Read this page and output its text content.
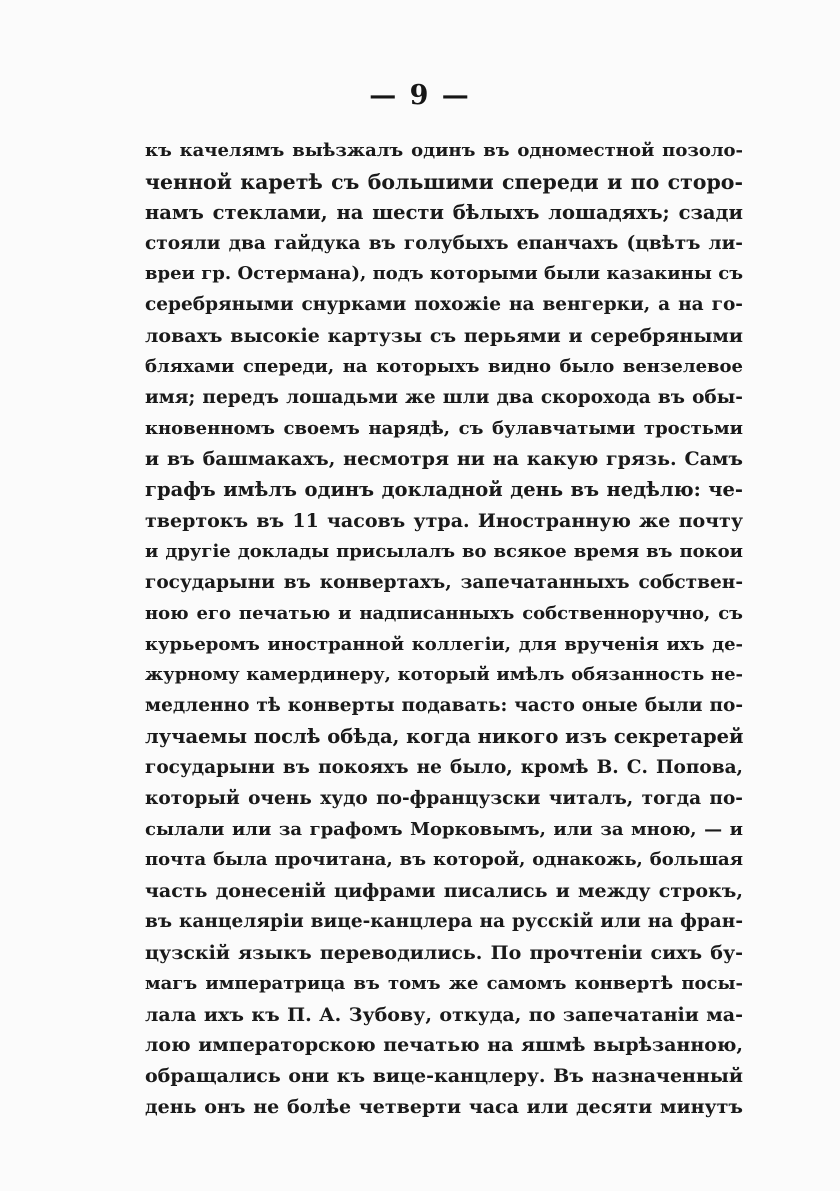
— 9 —
къ качелямъ выѣзжалъ одинъ въ одноместной позоло-
ченной каретѣ съ большими спереди и по сторо-
намъ стеклами, на шести бѣлыхъ лошадяхъ; сзади
стояли два гайдука въ голубыхъ епанчахъ (цвѣтъ ли-
вреи гр. Остермана), подъ которыми были казакины съ
серебряными снурками похожіе на венгерки, а на го-
ловахъ высокіе картузы съ перьями и серебряными
бляхами спереди, на которыхъ видно было вензелевое
имя; передъ лошадьми же шли два скорохода въ обы-
кновенномъ своемъ нарядѣ, съ булавчатыми тростьми
и въ башмакахъ, несмотря ни на какую грязь. Самъ
графъ имѣлъ одинъ докладной день въ недѣлю: че-
твертокъ въ 11 часовъ утра. Иностранную же почту
и другіе доклады присылалъ во всякое время въ покои
государыни въ конвертахъ, запечатанныхъ собствен-
ною его печатью и надписанныхъ собственноручно, съ
курьеромъ иностранной коллегіи, для врученія ихъ де-
журному камердинеру, который имѣлъ обязанность не-
медленно тѣ конверты подавать: часто оные были по-
лучаемы послѣ обѣда, когда никого изъ секретарей
государыни въ покояхъ не было, кромѣ В. С. Попова,
который очень худо по-французски читалъ, тогда по-
сылали или за графомъ Морковымъ, или за мною, — и
почта была прочитана, въ которой, однакожь, большая
часть донесеній цифрами писались и между строкъ,
въ канцеляріи вице-канцлера на русскій или на фран-
цузскій языкъ переводились. По прочтеніи сихъ бу-
магъ императрица въ томъ же самомъ конвертѣ посы-
лала ихъ къ П. А. Зубову, откуда, по запечатаніи ма-
лою императорскою печатью на яшмѣ вырѣзанною,
обращались они къ вице-канцлеру. Въ назначенный
день онъ не болѣе четверти часа или десяти минутъ
